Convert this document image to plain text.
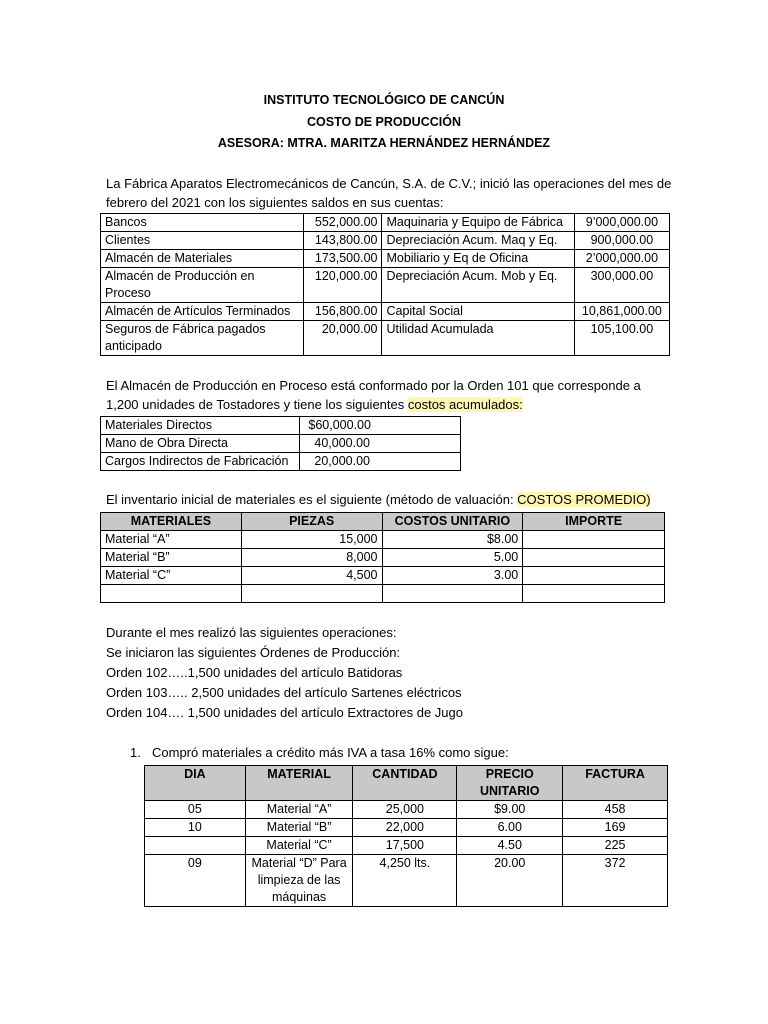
INSTITUTO TECNOLÓGICO DE CANCÚN
COSTO DE PRODUCCIÓN
ASESORA: MTRA. MARITZA HERNÁNDEZ HERNÁNDEZ
La Fábrica Aparatos Electromecánicos de Cancún, S.A. de C.V.; inició las operaciones del mes de febrero del 2021 con los siguientes saldos en sus cuentas:
Bancos	552,000.00	Maquinaria y Equipo de Fábrica	9’000,000.00
Clientes	143,800.00	Depreciación Acum. Maq y Eq.	900,000.00
Almacén de Materiales	173,500.00	Mobiliario y Eq de Oficina	2’000,000.00
Almacén de Producción en Proceso	120,000.00	Depreciación Acum. Mob y Eq.	300,000.00
Almacén de Artículos Terminados	156,800.00	Capital Social	10,861,000.00
Seguros de Fábrica pagados anticipado	20,000.00	Utilidad Acumulada	105,100.00
El Almacén de Producción en Proceso está conformado por la Orden 101 que corresponde a 1,200 unidades de Tostadores y tiene los siguientes costos acumulados:
Materiales Directos	$60,000.00
Mano de Obra Directa	40,000.00
Cargos Indirectos de Fabricación	20,000.00
El inventario inicial de materiales es el siguiente (método de valuación: COSTOS PROMEDIO)
MATERIALES	PIEZAS	COSTOS UNITARIO	IMPORTE
Material “A”	15,000	$8.00	
Material “B”	8,000	5.00	
Material “C”	4,500	3.00	

Durante el mes realizó las siguientes operaciones:
Se iniciaron las siguientes Órdenes de Producción:
Orden 102…..1,500 unidades del artículo Batidoras
Orden 103….. 2,500 unidades del artículo Sartenes eléctricos
Orden 104…. 1,500 unidades del artículo Extractores de Jugo
1. Compró materiales a crédito más IVA a tasa 16% como sigue:
DIA	MATERIAL	CANTIDAD	PRECIO UNITARIO	FACTURA
05	Material “A”	25,000	$9.00	458
10	Material “B”	22,000	6.00	169
	Material “C”	17,500	4.50	225
09	Material “D” Para limpieza de las máquinas	4,250 lts.	20.00	372
